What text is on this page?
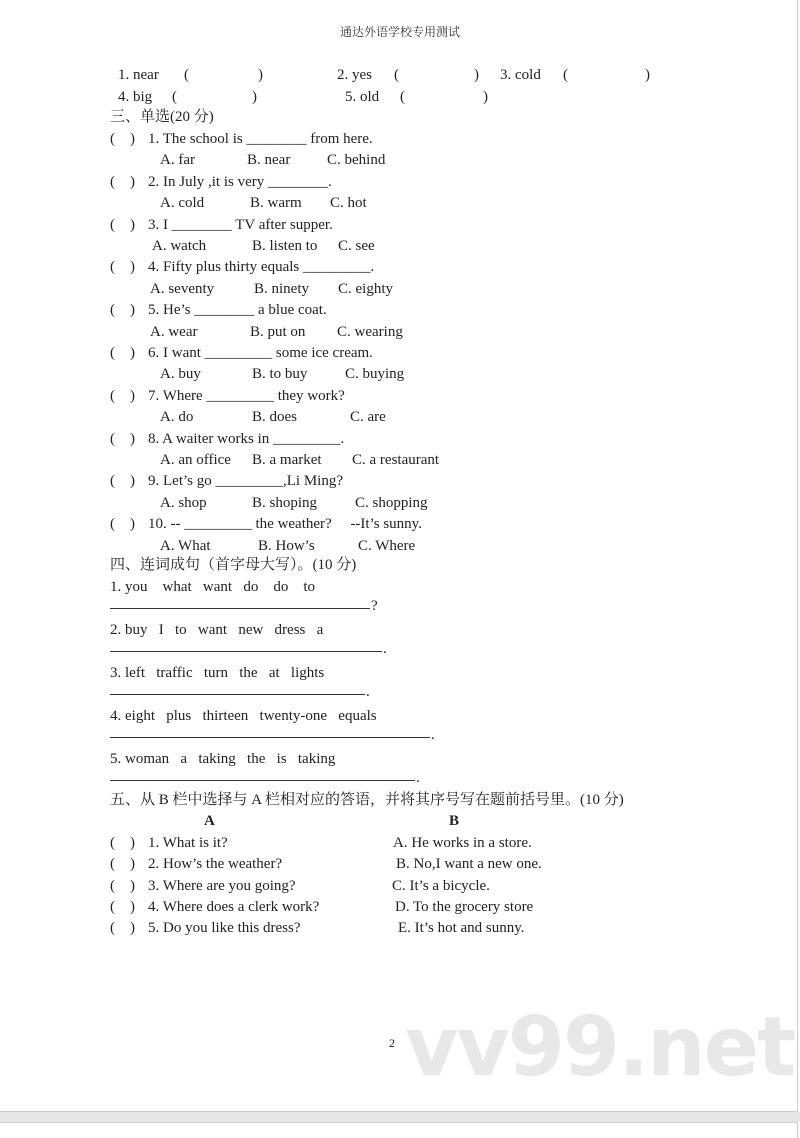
通达外语学校专用测试
1. near (	)	2. yes (	) 3. cold (	)
4. big (	)	5. old (	)
三、单选(20 分)
(    ) 1. The school is ________ from here.
A. far	B. near C. behind
(    ) 2. In July ,it is very ________.
A. cold	B. warm C. hot
(    ) 3. I ________ TV after supper.
A. watch	B. listen to C. see
(    ) 4. Fifty plus thirty equals _________.
A. seventy	B. ninety C. eighty
(    ) 5. He’s ________ a blue coat.
A. wear	B. put on C. wearing
(    ) 6. I want _________ some ice cream.
A. buy	B. to buy	C. buying
(    ) 7. Where _________ they work?
A. do	B. does	C. are
(    ) 8. A waiter works in _________.
A. an office B. a market C. a restaurant
(    ) 9. Let’s go _________,Li Ming?
A. shop	B. shoping	C. shopping
(    ) 10. -- _________ the weather?     --It’s sunny.
A. What	B. How’s	C. Where
四、连词成句（首字母大写）。(10 分)
1. you    what   want   do    do    to
?
2. buy   I   to   want   new   dress   a
.
3. left   traffic   turn   the   at   lights
.
4. eight   plus   thirteen   twenty-one   equals
.
5. woman   a   taking   the   is   taking
.
五、从 B 栏中选择与 A 栏相对应的答语，并将其序号写在题前括号里。(10 分)
A	B
(    ) 1. What is it?	A. He works in a store.
(    ) 2. How’s the weather?	B. No,I want a new one.
(    ) 3. Where are you going?	C. It’s a bicycle.
(    ) 4. Where does a clerk work?	D. To the grocery store
(    ) 5. Do you like this dress?	E. It’s hot and sunny.
vv99.net
2
